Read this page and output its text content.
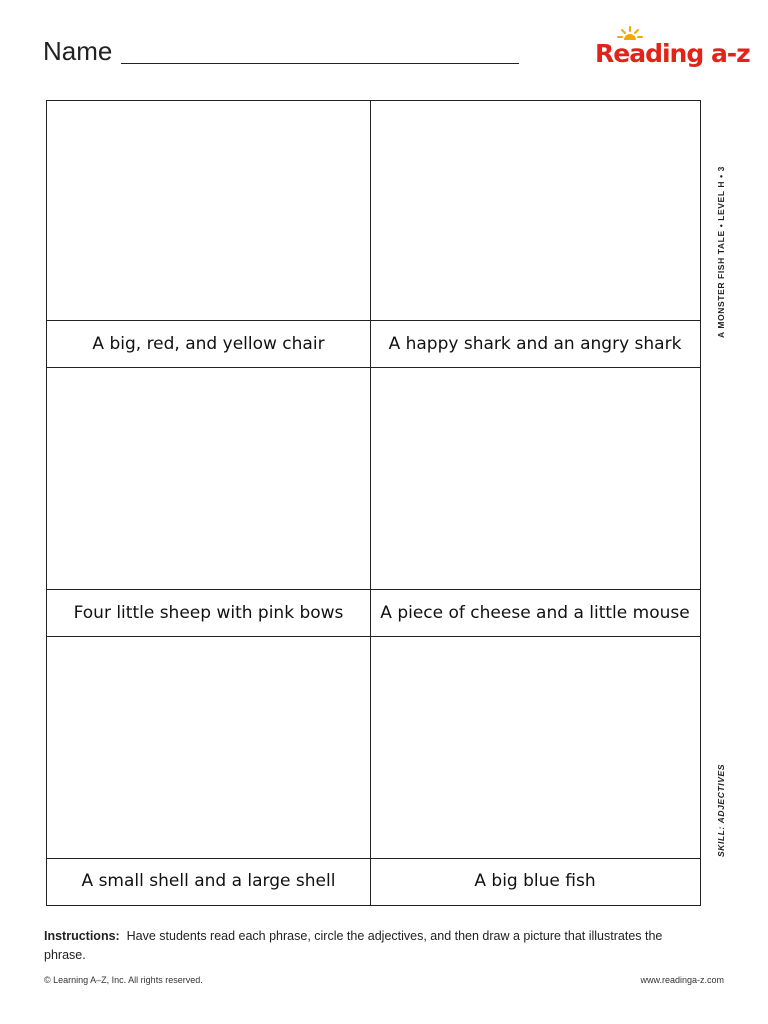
Name	Reading a-z
A big, red, and yellow chair	A happy shark and an angry shark
Four little sheep with pink bows	A piece of cheese and a little mouse
A small shell and a large shell	A big blue fish
A MONSTER FISH TALE • LEVEL H • 3
SKILL: ADJECTIVES
Instructions: Have students read each phrase, circle the adjectives, and then draw a picture that illustrates the phrase.
© Learning A–Z, Inc. All rights reserved.	www.readinga-z.com
